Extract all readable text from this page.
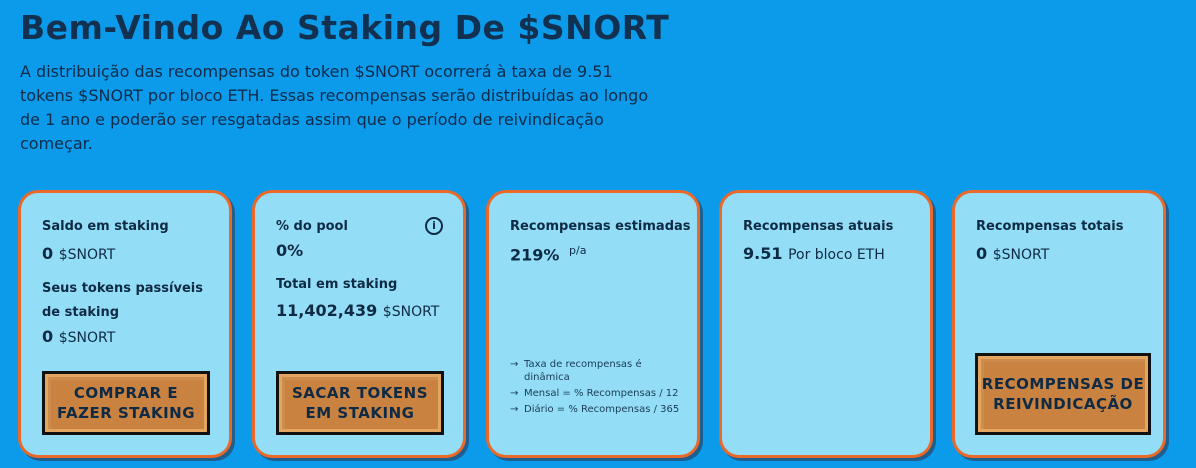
Bem-Vindo Ao Staking De $SNORT
A distribuição das recompensas do token $SNORT ocorrerá à taxa de 9.51 tokens $SNORT por bloco ETH. Essas recompensas serão distribuídas ao longo de 1 ano e poderão ser resgatadas assim que o período de reivindicação começar.
Saldo em staking
0 $SNORT
Seus tokens passíveis de staking
0 $SNORT
COMPRAR E FAZER STAKING
% do pool	i
0%
Total em staking
11,402,439 $SNORT
SACAR TOKENS EM STAKING
Recompensas estimadas
219% $^{p/a}$
→ Taxa de recompensas é dinâmica
→ Mensal = % Recompensas / 12
→ Diário = % Recompensas / 365
Recompensas atuais
9.51 Por bloco ETH
Recompensas totais
0 $SNORT
RECOMPENSAS DE REIVINDICAÇÃO
